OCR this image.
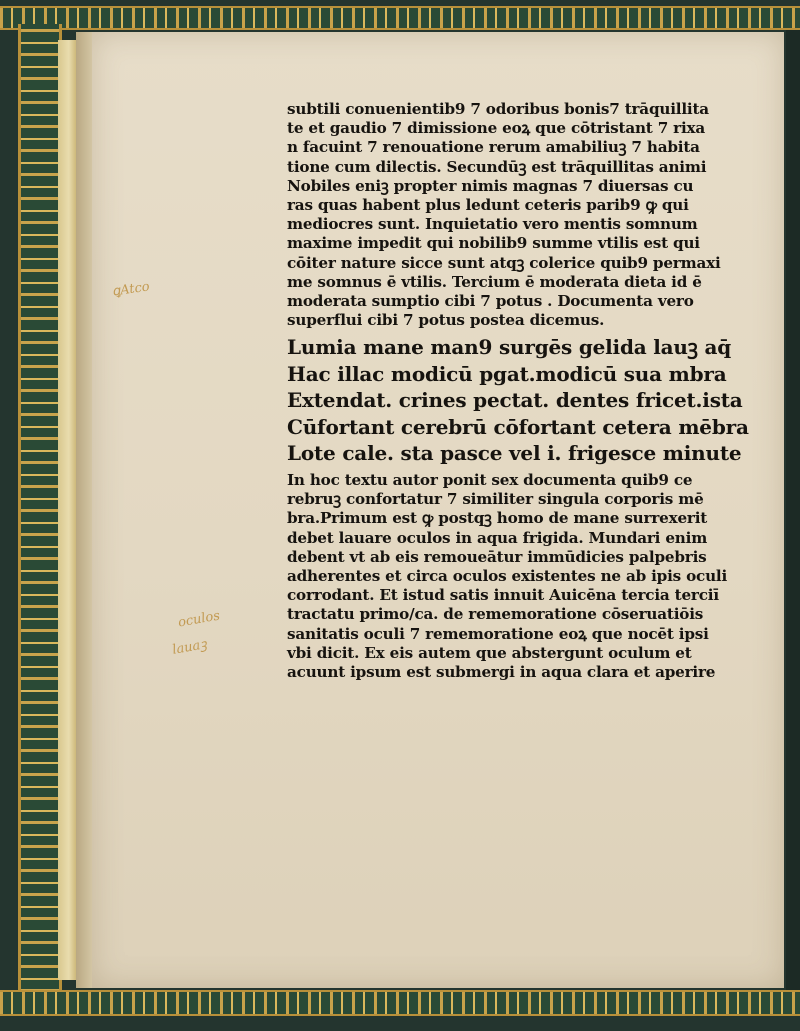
ꝗAtco
oculos
lauaꝫ
subtili conuenientib9 7 odoribus bonis7 trāquillita
te et gaudio 7 dimissione eoꝝ que cōtristant 7 rixa
n facuint 7 renouatione rerum amabiliuꝫ 7 habita
tione cum dilectis. Secundūꝫ est trāquillitas animi
Nobiles eniꝫ propter nimis magnas 7 diuersas cu
ras quas habent plus ledunt ceteris parib9 ꝙ qui
mediocres sunt. Inquietatio vero mentis somnum
maxime impedit qui nobilib9 summe vtilis est qui
cōiter nature sicce sunt atqꝫ colerice quib9 permaxi
me somnus ē vtilis. Tercium ē moderata dieta id ē
moderata sumptio cibi 7 potus . Documenta vero
superflui cibi 7 potus postea dicemus.
Lumia mane man9 surgēs gelida lauꝫ aq̄
Hac illac modicū pgat.modicū sua mbra
Extendat. crines pectat. dentes fricet.ista
Cūfortant cerebrū cōfortant cetera mēbra
Lote cale. sta pasce vel i. frigesce minute
In hoc textu autor ponit sex documenta quib9 ce
rebruꝫ confortatur 7 similiter singula corporis mē
bra.Primum est ꝙ postqꝫ homo de mane surrexerit
debet lauare oculos in aqua frigida. Mundari enim
debent vt ab eis remoueātur immūdicies palpebris
adherentes et circa oculos existentes ne ab ipis oculi
corrodant. Et istud satis innuit Auicēna tercia terciī
tractatu primo/ca. de rememoratione cōseruatiōis
sanitatis oculi 7 rememoratione eoꝝ que nocēt ipsi
vbi dicit. Ex eis autem que abstergunt oculum et
acuunt ipsum est submergi in aqua clara et aperire
